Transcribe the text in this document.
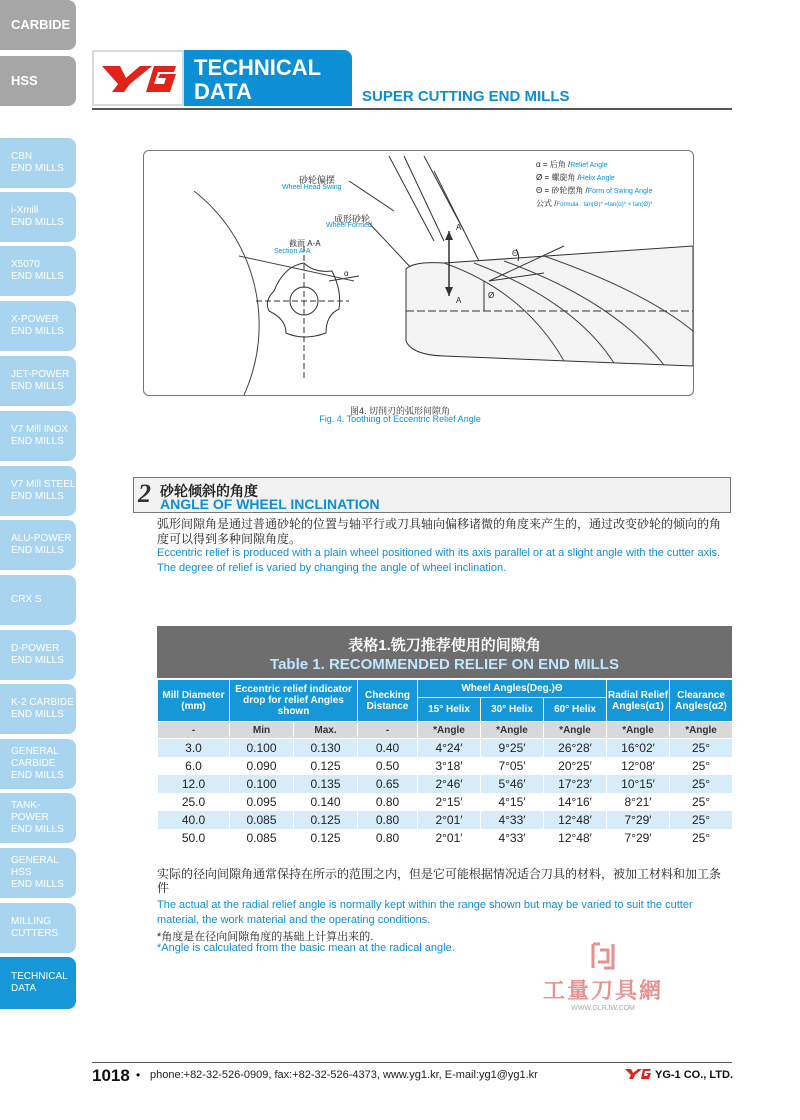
CARBIDE
HSS
CBN
END MILLS
i-Xmill
END MILLS
X5070
END MILLS
X-POWER
END MILLS
JET-POWER
END MILLS
V7 Mill INOX
END MILLS
V7 Mill STEEL
END MILLS
ALU-POWER
END MILLS
CRX S
D-POWER
END MILLS
K-2 CARBIDE
END MILLS
GENERAL
CARBIDE
END MILLS
TANK-POWER
END MILLS
GENERAL
HSS
END MILLS
MILLING
CUTTERS
TECHNICAL
DATA
TECHNICAL
DATA	SUPER CUTTING END MILLS
砂轮偏摆
Wheel Head Swing
成形砂轮
Wheel Formed
截面 A-A
Section A-A
α
A
A
Θ
Ø
α = 后角 /Relief Angle
Ø = 螺旋角 /Helix Angle
Θ = 砂轮摆角 /Form of Swing Angle
公式 /Formula : tan(Θ)* =tan(α)* × tan(Ø)*
图4. 切削刃的弧形间隙角
Fig. 4. Toothing of Eccentric Relief Angle
2 砂轮倾斜的角度
ANGLE OF WHEEL INCLINATION
弧形间隙角是通过普通砂轮的位置与轴平行或刀具轴向偏移诸微的角度来产生的，通过改变砂轮的倾向的角度可以得到多种间隙角度。
Eccentric relief is produced with a plain wheel positioned with its axis parallel or at a slight angle with the cutter axis. The degree of relief is varied by changing the angle of wheel inclination.
表格1.铣刀推荐使用的间隙角
Table 1. RECOMMENDED RELIEF ON END MILLS
Mill Diameter (mm)	Eccentric relief indicator drop for relief Angles shown		Checking Distance	Wheel Angles(Deg.)Θ			Radial Relief Angles(α1)	Clearance Angles(α2)
				15° Helix	30° Helix	60° Helix		
-	Min	Max.	-	*Angle	*Angle	*Angle	*Angle	*Angle
3.0	0.100	0.130	0.40	4°24′	9°25′	26°28′	16°02′	25°
6.0	0.090	0.125	0.50	3°18′	7°05′	20°25′	12°08′	25°
12.0	0.100	0.135	0.65	2°46′	5°46′	17°23′	10°15′	25°
25.0	0.095	0.140	0.80	2°15′	4°15′	14°16′	8°21′	25°
40.0	0.085	0.125	0.80	2°01′	4°33′	12°48′	7°29′	25°
50.0	0.085	0.125	0.80	2°01′	4°33′	12°48′	7°29′	25°
实际的径向间隙角通常保持在所示的范围之内，但是它可能根据情况适合刀具的材料，被加工材料和加工条件
The actual at the radial relief angle is normally kept within the range shown but may be varied to suit the cutter material, the work material and the operating conditions.
*角度是在径向间隙角度的基础上计算出来的.
*Angle is calculated from the basic mean at the radical angle.
工量刀具網
WWW.GLRJW.COM
1018 • phone:+82-32-526-0909, fax:+82-32-526-4373, www.yg1.kr, E-mail:yg1@yg1.kr	YG-1 CO., LTD.
